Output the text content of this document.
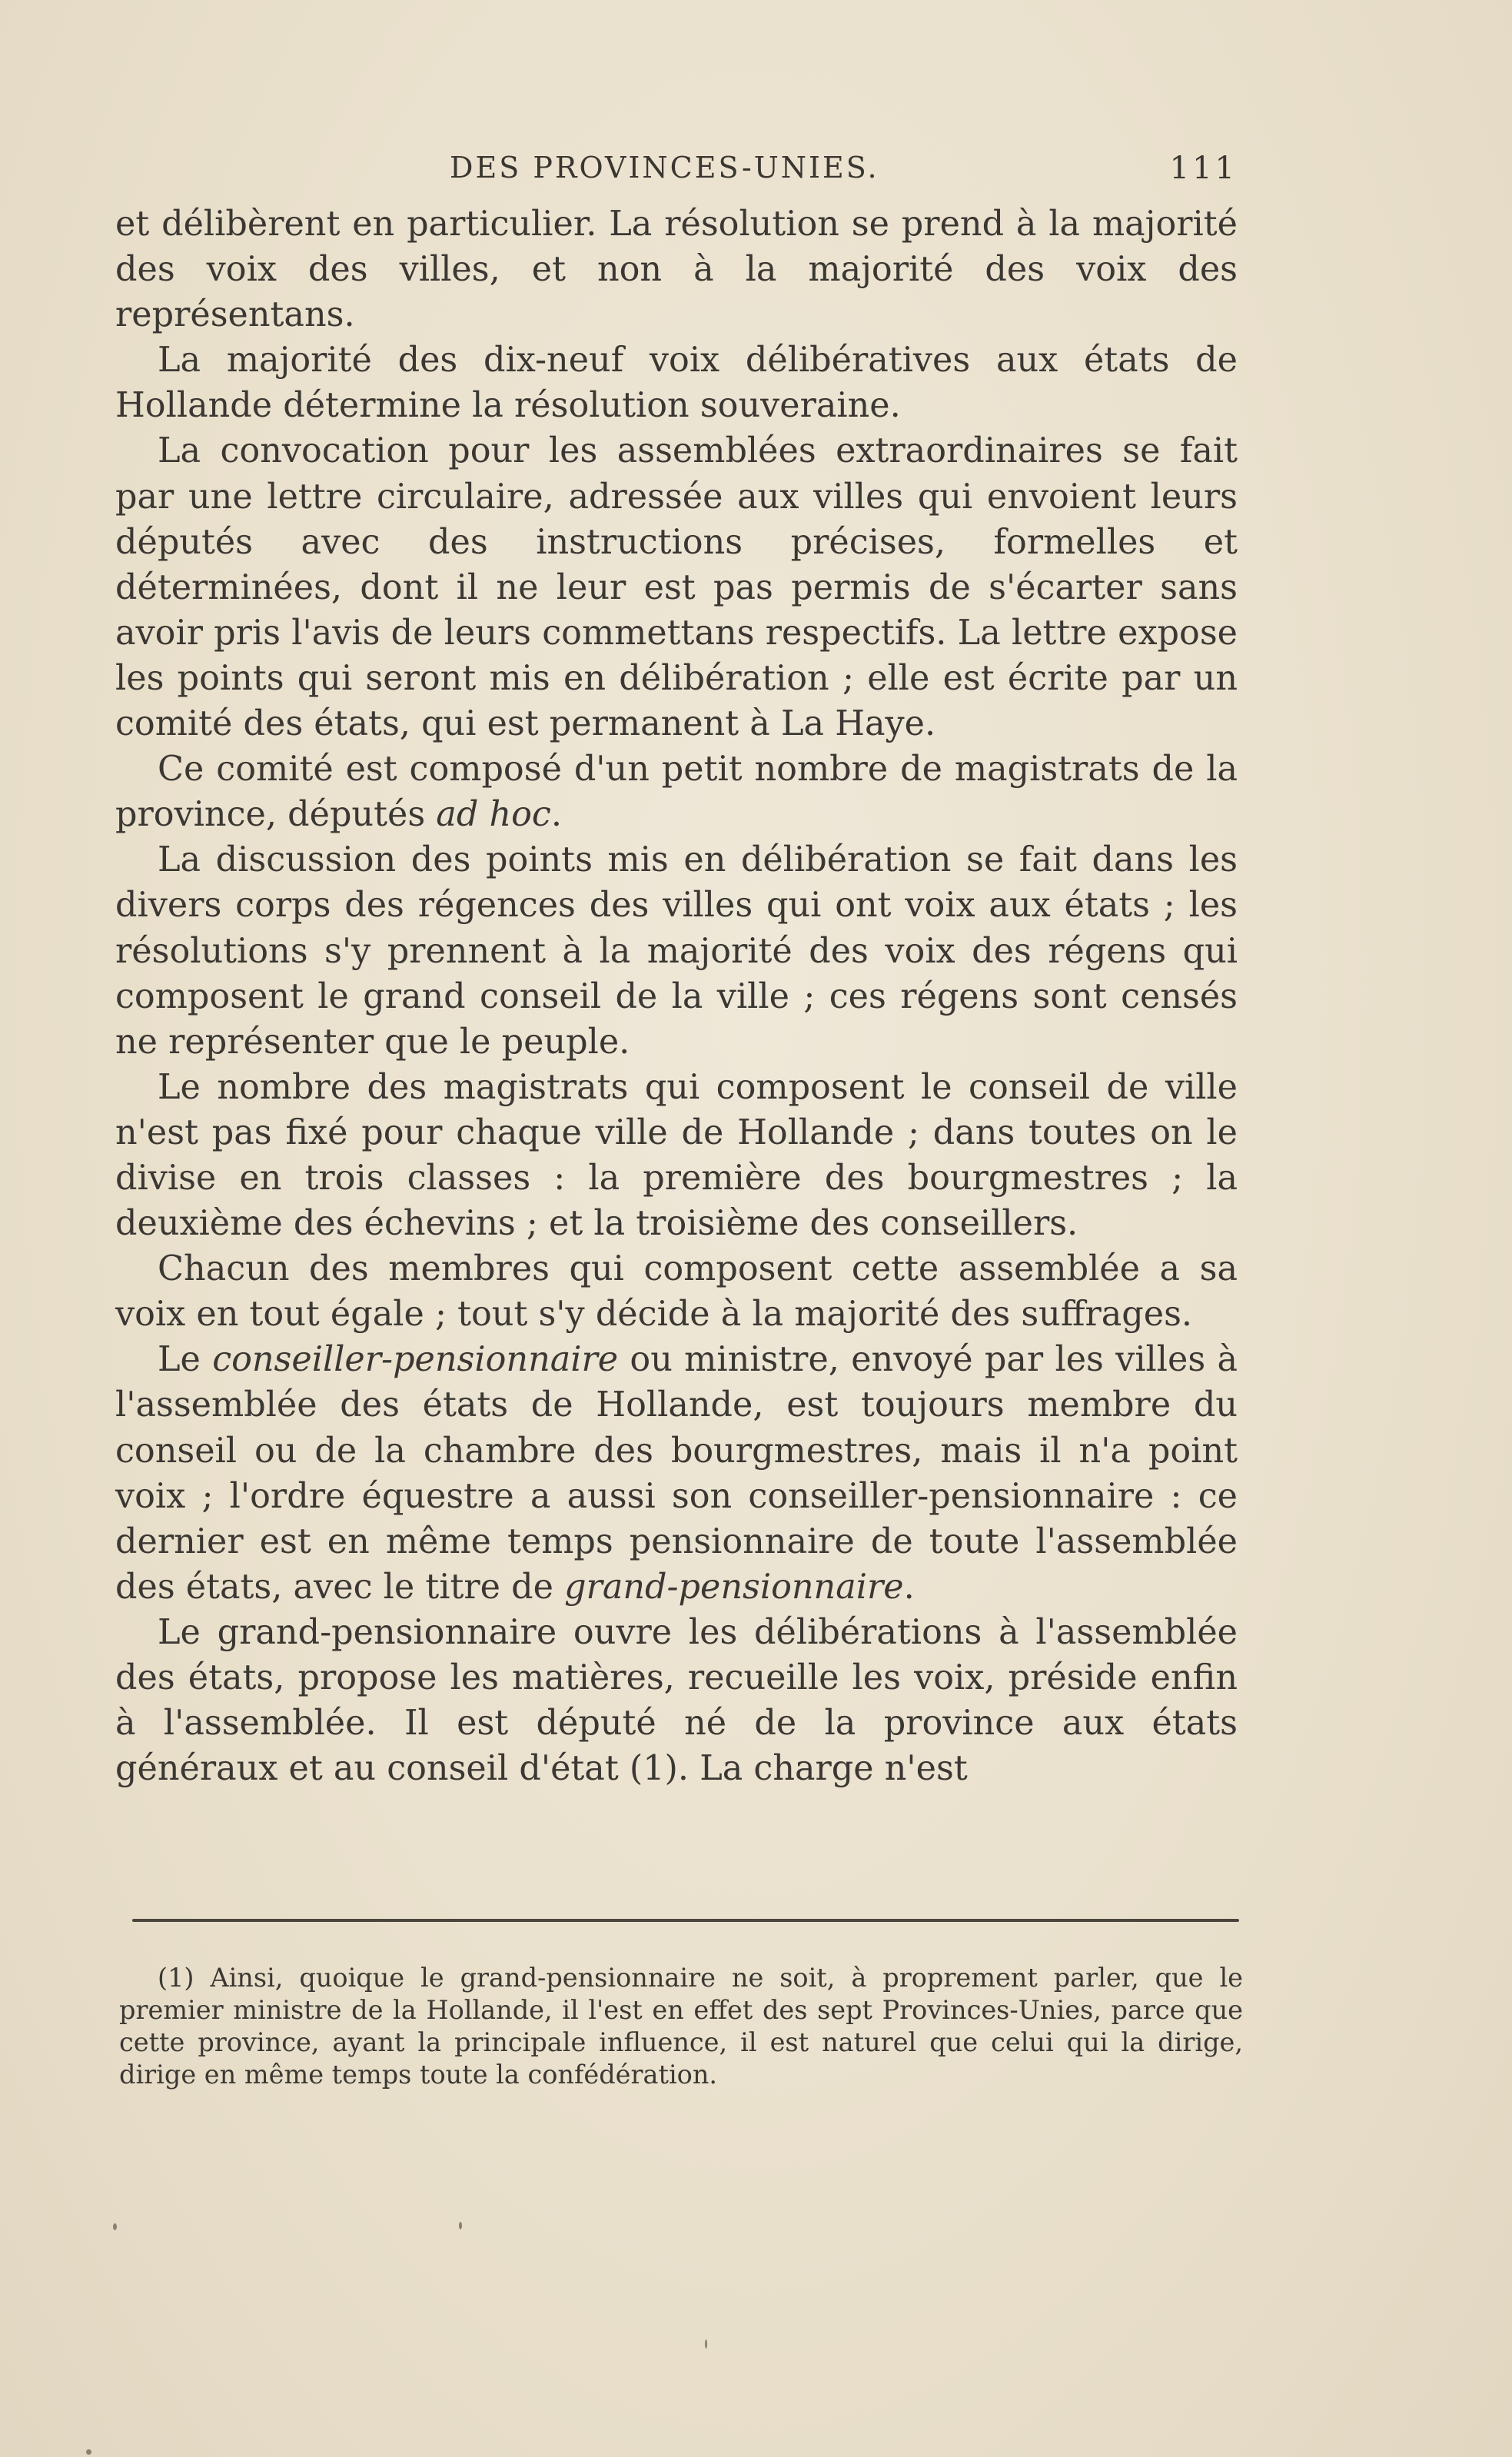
DES PROVINCES-UNIES.	111

et délibèrent en particulier. La résolution se prend à la majorité des voix des villes, et non à la majorité des voix des représentans.

La majorité des dix-neuf voix délibératives aux états de Hollande détermine la résolution souveraine.

La convocation pour les assemblées extraordinaires se fait par une lettre circulaire, adressée aux villes qui envoient leurs députés avec des instructions précises, formelles et déterminées, dont il ne leur est pas permis de s'écarter sans avoir pris l'avis de leurs commettans respectifs. La lettre expose les points qui seront mis en délibération ; elle est écrite par un comité des états, qui est permanent à La Haye.

Ce comité est composé d'un petit nombre de magistrats de la province, députés ad hoc.

La discussion des points mis en délibération se fait dans les divers corps des régences des villes qui ont voix aux états ; les résolutions s'y prennent à la majorité des voix des régens qui composent le grand conseil de la ville ; ces régens sont censés ne représenter que le peuple.

Le nombre des magistrats qui composent le conseil de ville n'est pas fixé pour chaque ville de Hollande ; dans toutes on le divise en trois classes : la première des bourgmestres ; la deuxième des échevins ; et la troisième des conseillers.

Chacun des membres qui composent cette assemblée a sa voix en tout égale ; tout s'y décide à la majorité des suffrages.

Le conseiller-pensionnaire ou ministre, envoyé par les villes à l'assemblée des états de Hollande, est toujours membre du conseil ou de la chambre des bourgmestres, mais il n'a point voix ; l'ordre équestre a aussi son conseiller-pensionnaire : ce dernier est en même temps pensionnaire de toute l'assemblée des états, avec le titre de grand-pensionnaire.

Le grand-pensionnaire ouvre les délibérations à l'assemblée des états, propose les matières, recueille les voix, préside enfin à l'assemblée. Il est député né de la province aux états généraux et au conseil d'état (1). La charge n'est

(1) Ainsi, quoique le grand-pensionnaire ne soit, à proprement parler, que le premier ministre de la Hollande, il l'est en effet des sept Provinces-Unies, parce que cette province, ayant la principale influence, il est naturel que celui qui la dirige, dirige en même temps toute la confédération.
